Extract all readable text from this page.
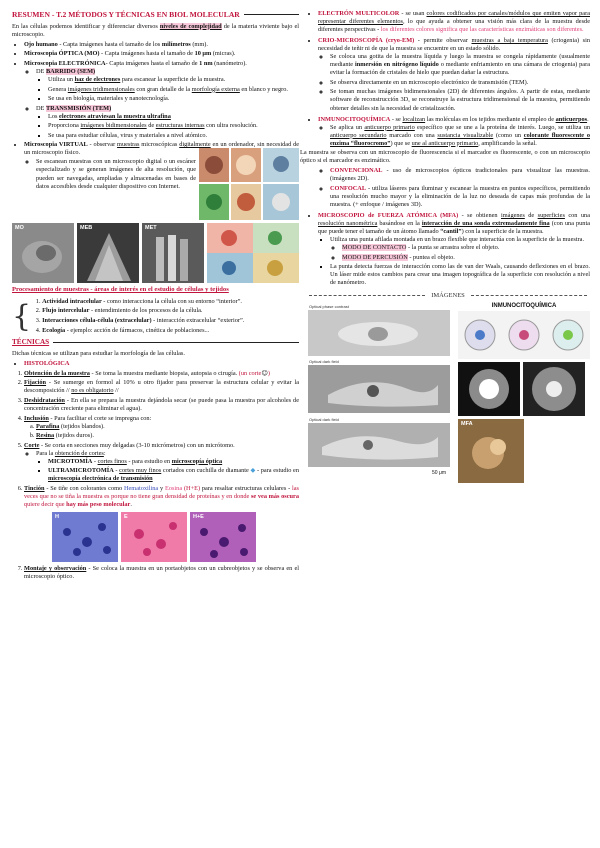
RESUMEN - T.2 MÉTODOS Y TÉCNICAS EN BIOL MOLECULAR

En las células podemos identificar y diferenciar diversos niveles de complejidad de la materia viviente bajo el microscopio.

• Ojo humano - Capta imágenes hasta el tamaño de los milímetros (mm).
• Microscopia ÓPTICA (MO) - Capta imágenes hasta el tamaño de 10 μm (micras).
• Microscopia ELECTRÓNICA- Capta imágenes hasta el tamaño de 1 nm (nanómetro).
◦ DE BARRIDO (SEM)
▪ Utiliza un haz de electrones para escanear la superficie de la muestra.
▪ Genera imágenes tridimensionales con gran detalle de la morfología externa en blanco y negro.
▪ Se usa en biología, materiales y nanotecnología.
◦ DE TRANSMISIÓN (TEM)
▪ Los electrones atraviesan la muestra ultrafina
▪ Proporciona imágenes bidimensionales de estructuras internas con ultra resolución.
▪ Se usa para estudiar células, virus y materiales a nivel atómico.
• Microscopia VIRTUAL - observar muestras microscópicas digitalmente en un ordenador, sin necesidad de un microscopio físico.
◦ Se escanean muestras con un microscopio digital o un escáner especializado y se generan imágenes de alta resolución, que pueden ser navegadas, ampliadas y almacenadas en bases de datos accesibles desde cualquier dispositivo con Internet.
MO	MEB	MET
Procesamiento de muestras - áreas de interés en el estudio de células y tejidos
{
1. Actividad intracelular - como interacciona la célula con su entorno “interior”.
2. Flujo intercelular - entendimiento de los procesos de la célula.
3. Interacciones célula-célula (extracelular) - interacción extracelular “exterior”.
4. Ecología - ejemplo: acción de fármacos, cinética de poblaciones...
TÉCNICAS

Dichas técnicas se utilizan para estudiar la morfología de las células.

• HISTOLÓGICA
1. Obtención de la muestra - Se toma la muestra mediante biopsia, autopsia o cirugía. (un corte☺)
2. Fijación - Se sumerge en formol al 10% u otro fijador para preservar la estructura celular y evitar la descomposición // no es obligatorio //
3. Deshidratación - En ella se prepara la muestra dejándola secar (se puede pasa la muestra por alcoholes de concentración creciente para eliminar el agua).
4. Inclusión - Para facilitar el corte se impregna con:
a. Parafina (tejidos blandos).
b. Resina (tejidos duros).
5. Corte - Se corta en secciones muy delgadas (3-10 micrómetros) con un micrótomo.
◦ Para la obtención de cortes:
▪ MICROTOMÍA - cortes finos - para estudio en microscopía óptica
▪ ULTRAMICROTOMÍA - cortes muy finos cortados con cuchilla de diamante ◆ - para estudio en microscopía electrónica de transmisión
6. Tinción - Se tiñe con colorantes como Hematoxilina y Eosina (H+E) para resaltar estructuras celulares - las veces que no se tiña la muestra es porque no tiene gran densidad de proteínas y en donde se vea más oscura quiere decir que hay más peso molecular.
H	E	H+E
7. Montaje y observación - Se coloca la muestra en un portaobjetos con un cubreobjetos y se observa en el microscopio óptico.
• ELECTRÓN MULTICOLOR - se usan colores codificados por canales/módulos que emiten vapor para representar diferentes elementos, lo que ayuda a obtener una visión más clara de la muestra desde diferentes perspectivas - los diferentes colores significa que las características enzimáticas son diferentes.
• CRIO-MICROSCOPÍA (cryo-EM) - permite observar muestras a baja temperatura (criogenia) sin necesidad de teñir ni de que la muestra se encuentre en un estado sólido.
◦ Se coloca una gotita de la muestra líquida y luego la muestra se congela rápidamente (usualmente mediante inmersión en nitrógeno líquido o mediante enfriamiento en una cámara de criogenia) para evitar la formación de cristales de hielo que puedan dañar la estructura.
◦ Se observa directamente en un microscopio electrónico de transmisión (TEM).
◦ Se toman muchas imágenes bidimensionales (2D) de diferentes ángulos. A partir de estas, mediante software de reconstrucción 3D, se reconstruye la estructura tridimensional de la muestra, permitiendo obtener detalles sin la necesidad de cristalización.
• INMUNOCITOQUÍMICA - se localizan las moléculas en los tejidos mediante el empleo de anticuerpos.
◦ Se aplica un anticuerpo primario específico que se une a la proteína de interés. Luego, se utiliza un anticuerpo secundario marcado con una sustancia visualizable (como un colorante fluorescente o enzima “fluorocromo”) que se une al anticuerpo primario, amplificando la señal.

La muestra se observa con un microscopio de fluorescencia si el marcador es fluorescente, o con un microscopio óptico si el marcador es enzimático.

◦ CONVENCIONAL - uso de microscopios ópticos tradicionales para visualizar las muestras. (imágenes 2D).
◦ CONFOCAL - utiliza láseres para iluminar y escanear la muestra en puntos específicos, permitiendo una resolución mucho mayor y la eliminación de la luz no deseada de capas más profundas de la muestra. (+ enfoque / imágenes 3D).
• MICROSCOPIO de FUERZA ATÓMICA (MFA) - se obtienen imágenes de superficies con una resolución nanométrica basándose en la interacción de una sonda extremadamente fina (con una punta que puede tener el tamaño de un átomo llamado “cantil”) con la superficie de la muestra.
▪ Utiliza una punta afilada montada en un brazo flexible que interactúa con la superficie de la muestra.
◦ MODO DE CONTACTO - la punta se arrastra sobre el objeto.
◦ MODO DE PERCUSIÓN - puntea el objeto.
▪ La punta detecta fuerzas de interacción como las de van der Waals, causando deflexiones en el brazo. Un láser mide estos cambios para crear una imagen topográfica de la superficie con resolución a nivel de nanómetro.
IMÁGENES
Optical phase contrast
Optical dark field
Optical dark field
50 μm
INMUNOCITOQUÍMICA
MFA
